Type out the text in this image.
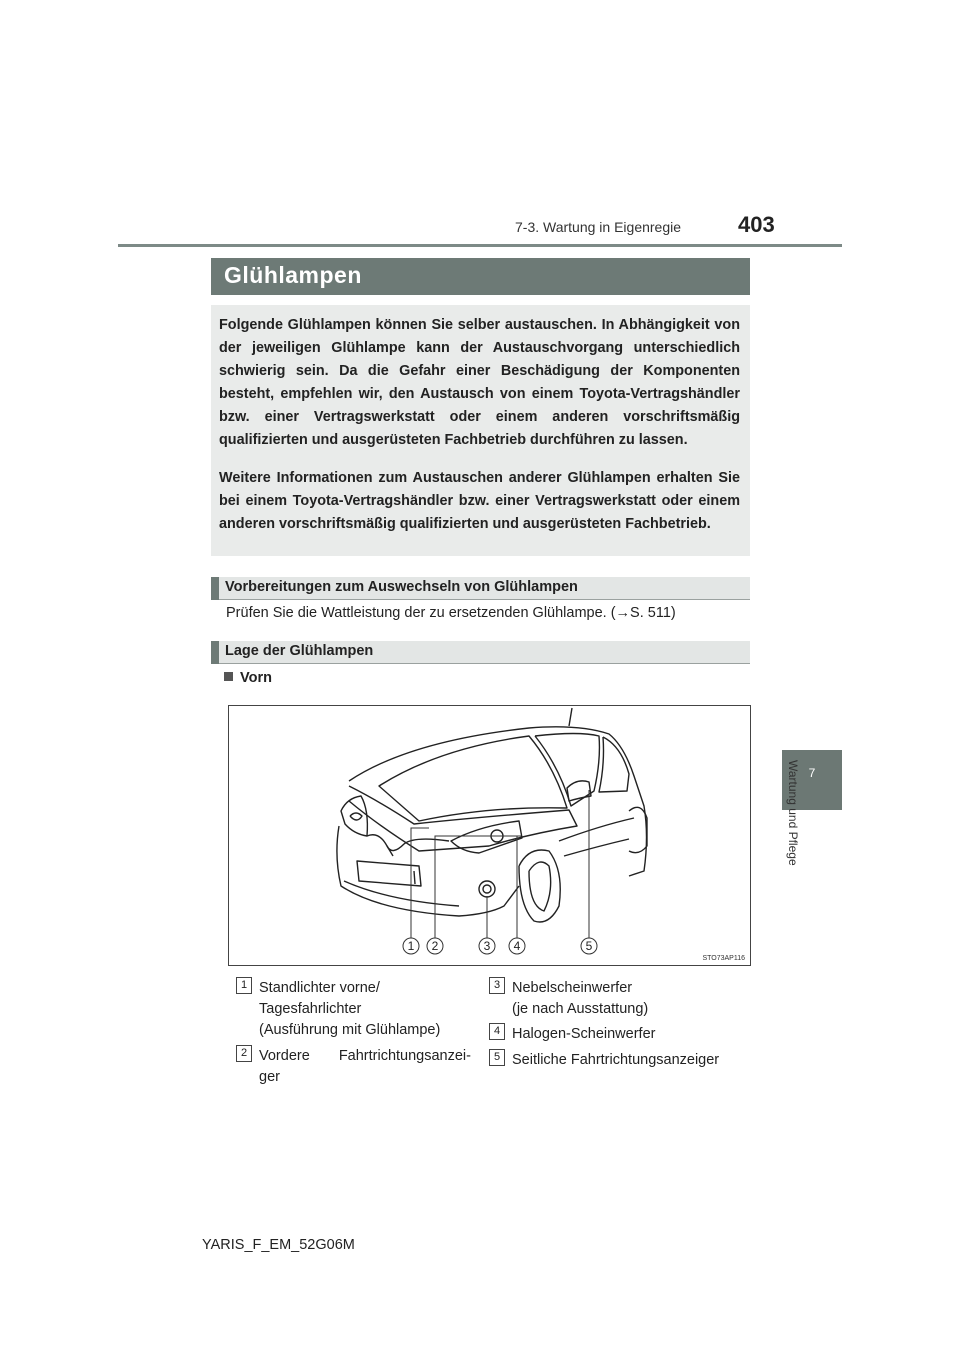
7-3. Wartung in Eigenregie	403
7
Wartung und Pflege
Glühlampen
Folgende Glühlampen können Sie selber austauschen. In Abhängigkeit von der jeweiligen Glühlampe kann der Austauschvorgang unterschiedlich schwierig sein. Da die Gefahr einer Beschädigung der Komponenten besteht, empfehlen wir, den Austausch von einem Toyota-Vertragshändler bzw. einer Vertragswerkstatt oder einem anderen vorschriftsmäßig qualifizierten und ausgerüsteten Fachbetrieb durchführen zu lassen.
Weitere Informationen zum Austauschen anderer Glühlampen erhalten Sie bei einem Toyota-Vertragshändler bzw. einer Vertragswerkstatt oder einem anderen vorschriftsmäßig qualifizierten und ausgerüsteten Fachbetrieb.
Vorbereitungen zum Auswechseln von Glühlampen
Prüfen Sie die Wattleistung der zu ersetzenden Glühlampe. (→S. 511)
Lage der Glühlampen
Vorn
1 2	3 4	5
STO73AP116
1 Standlichter vorne/
Tagesfahrlichter
(Ausführung mit Glühlampe)
2 Vordere Fahrtrichtungsanzei-
ger
3 Nebelscheinwerfer
(je nach Ausstattung)
4 Halogen-Scheinwerfer
5 Seitliche Fahrtrichtungsanzeiger
YARIS_F_EM_52G06M
